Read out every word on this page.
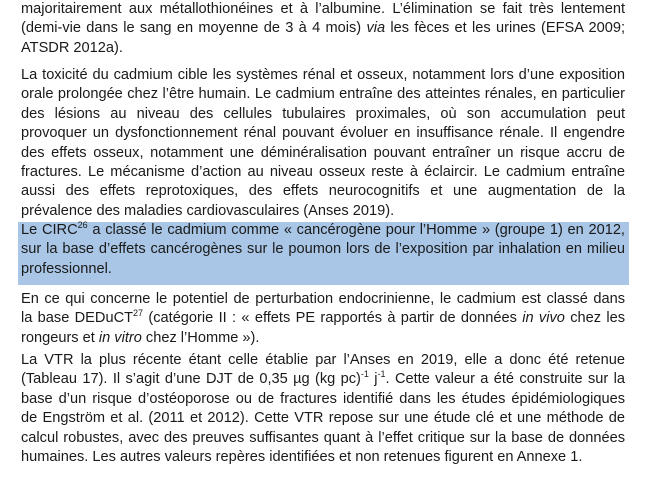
majoritairement aux métallothionéines et à l’albumine. L’élimination se fait très lentement
(demi-vie dans le sang en moyenne de 3 à 4 mois) via les fèces et les urines (EFSA 2009;
ATSDR 2012a).

La toxicité du cadmium cible les systèmes rénal et osseux, notamment lors d’une exposition
orale prolongée chez l’être humain. Le cadmium entraîne des atteintes rénales, en particulier
des lésions au niveau des cellules tubulaires proximales, où son accumulation peut
provoquer un dysfonctionnement rénal pouvant évoluer en insuffisance rénale. Il engendre
des effets osseux, notamment une déminéralisation pouvant entraîner un risque accru de
fractures. Le mécanisme d’action au niveau osseux reste à éclaircir. Le cadmium entraîne
aussi des effets reprotoxiques, des effets neurocognitifs et une augmentation de la
prévalence des maladies cardiovasculaires (Anses 2019).

Le CIRC$^{26}$ a classé le cadmium comme « cancérogène pour l’Homme » (groupe 1) en 2012,
sur la base d’effets cancérogènes sur le poumon lors de l’exposition par inhalation en milieu
professionnel.

En ce qui concerne le potentiel de perturbation endocrinienne, le cadmium est classé dans
la base DEDuCT$^{27}$ (catégorie II : « effets PE rapportés à partir de données in vivo chez les
rongeurs et in vitro chez l’Homme »).

La VTR la plus récente étant celle établie par l’Anses en 2019, elle a donc été retenue
(Tableau 17). Il s’agit d’une DJT de 0,35 µg (kg pc)$^{-1}$ $j^{-1}$. Cette valeur a été construite sur la
base d’un risque d’ostéoporose ou de fractures identifié dans les études épidémiologiques
de Engström et al. (2011 et 2012). Cette VTR repose sur une étude clé et une méthode de
calcul robustes, avec des preuves suffisantes quant à l’effet critique sur la base de données
humaines. Les autres valeurs repères identifiées et non retenues figurent en Annexe 1.
